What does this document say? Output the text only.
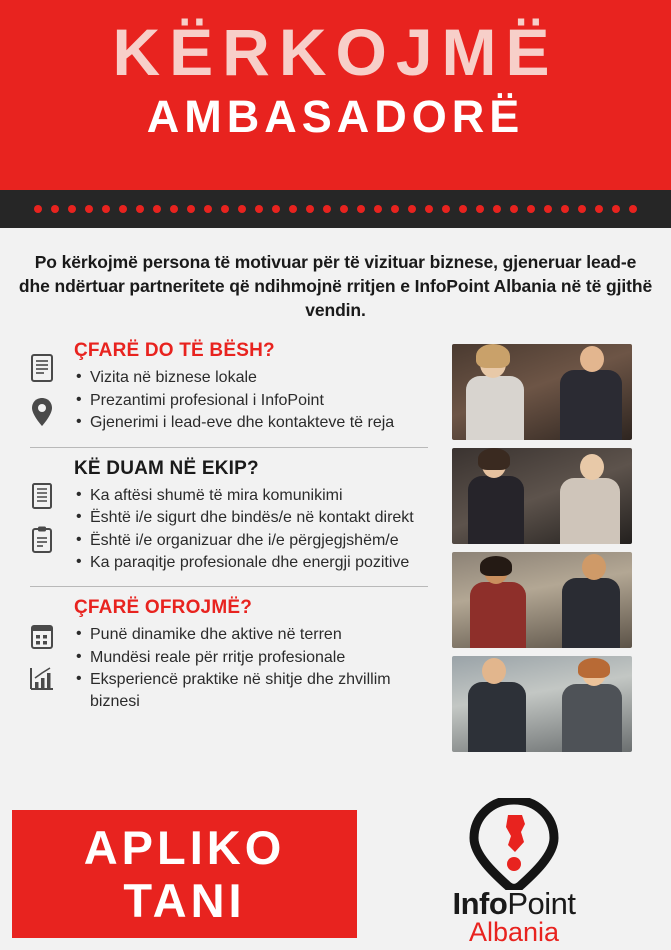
KËRKOJMË
AMBASADORË
Po kërkojmë persona të motivuar për të vizituar biznese, gjeneruar lead-e dhe ndërtuar partneritete që ndihmojnë rritjen e InfoPoint Albania në të gjithë vendin.
ÇFARË DO TË BËSH?
• Vizita në biznese lokale
• Prezantimi profesional i InfoPoint
• Gjenerimi i lead-eve dhe kontakteve të reja
KË DUAM NË EKIP?
• Ka aftësi shumë të mira komunikimi
• Është i/e sigurt dhe bindës/e në kontakt direkt
• Është i/e organizuar dhe i/e përgjegjshëm/e
• Ka paraqitje profesionale dhe energji pozitive
ÇFARË OFROJMË?
• Punë dinamike dhe aktive në terren
• Mundësi reale për rritje profesionale
• Eksperiencë praktike në shitje dhe zhvillim biznesi
APLIKO
TANI	InfoPoint
Albania
